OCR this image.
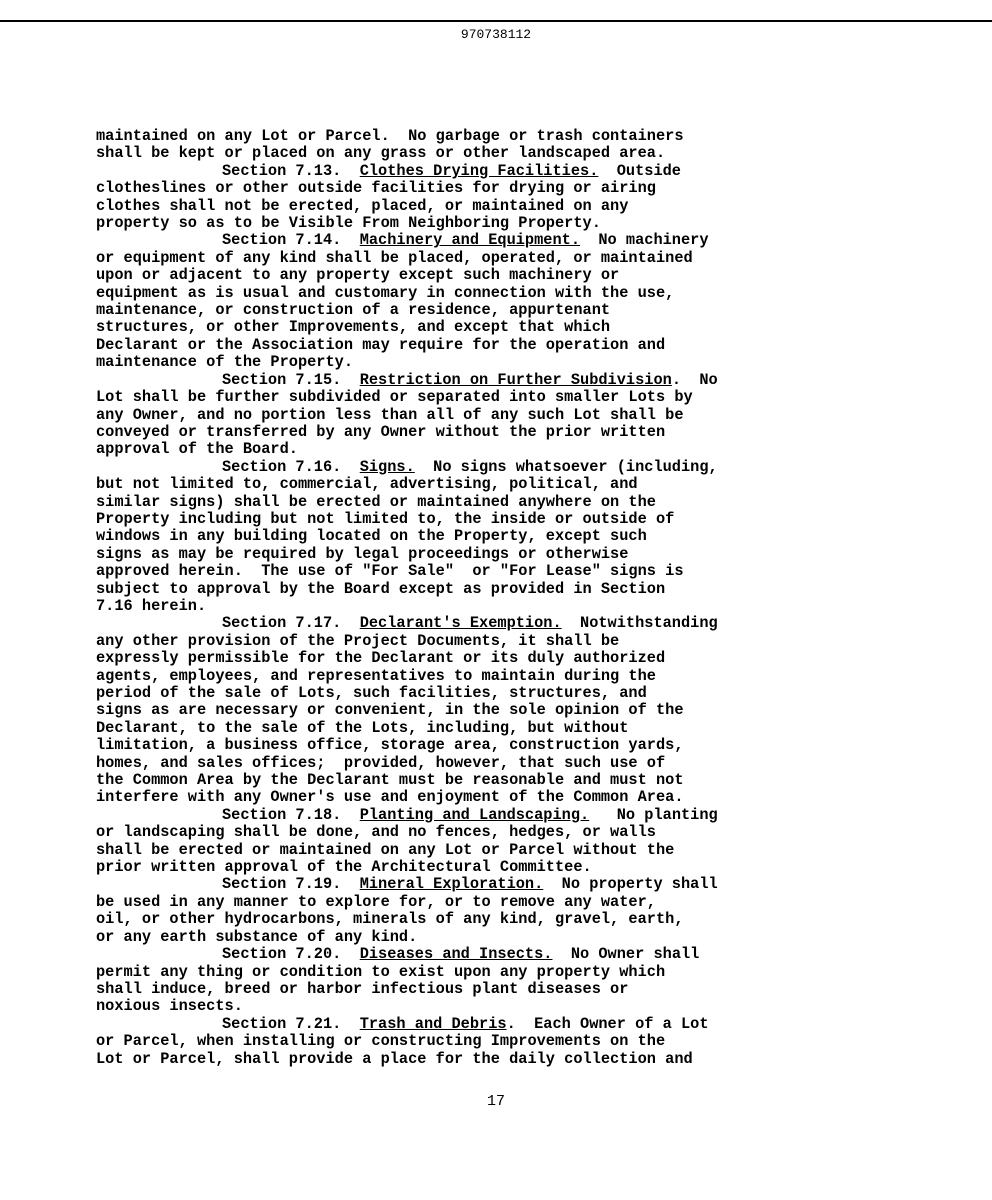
970738112
maintained on any Lot or Parcel.  No garbage or trash containers
shall be kept or placed on any grass or other landscaped area.
Section 7.13. Clothes Drying Facilities.  Outside
clotheslines or other outside facilities for drying or airing
clothes shall not be erected, placed, or maintained on any
property so as to be Visible From Neighboring Property.
Section 7.14. Machinery and Equipment.  No machinery
or equipment of any kind shall be placed, operated, or maintained
upon or adjacent to any property except such machinery or
equipment as is usual and customary in connection with the use,
maintenance, or construction of a residence, appurtenant
structures, or other Improvements, and except that which
Declarant or the Association may require for the operation and
maintenance of the Property.
Section 7.15. Restriction on Further Subdivision.  No
Lot shall be further subdivided or separated into smaller Lots by
any Owner, and no portion less than all of any such Lot shall be
conveyed or transferred by any Owner without the prior written
approval of the Board.
Section 7.16. Signs.  No signs whatsoever (including,
but not limited to, commercial, advertising, political, and
similar signs) shall be erected or maintained anywhere on the
Property including but not limited to, the inside or outside of
windows in any building located on the Property, except such
signs as may be required by legal proceedings or otherwise
approved herein.  The use of "For Sale"  or "For Lease" signs is
subject to approval by the Board except as provided in Section
7.16 herein.
Section 7.17. Declarant's Exemption.  Notwithstanding
any other provision of the Project Documents, it shall be
expressly permissible for the Declarant or its duly authorized
agents, employees, and representatives to maintain during the
period of the sale of Lots, such facilities, structures, and
signs as are necessary or convenient, in the sole opinion of the
Declarant, to the sale of the Lots, including, but without
limitation, a business office, storage area, construction yards,
homes, and sales offices;  provided, however, that such use of
the Common Area by the Declarant must be reasonable and must not
interfere with any Owner's use and enjoyment of the Common Area.
Section 7.18. Planting and Landscaping.   No planting
or landscaping shall be done, and no fences, hedges, or walls
shall be erected or maintained on any Lot or Parcel without the
prior written approval of the Architectural Committee.
Section 7.19. Mineral Exploration.  No property shall
be used in any manner to explore for, or to remove any water,
oil, or other hydrocarbons, minerals of any kind, gravel, earth,
or any earth substance of any kind.
Section 7.20. Diseases and Insects.  No Owner shall
permit any thing or condition to exist upon any property which
shall induce, breed or harbor infectious plant diseases or
noxious insects.
Section 7.21. Trash and Debris.  Each Owner of a Lot
or Parcel, when installing or constructing Improvements on the
Lot or Parcel, shall provide a place for the daily collection and
17
